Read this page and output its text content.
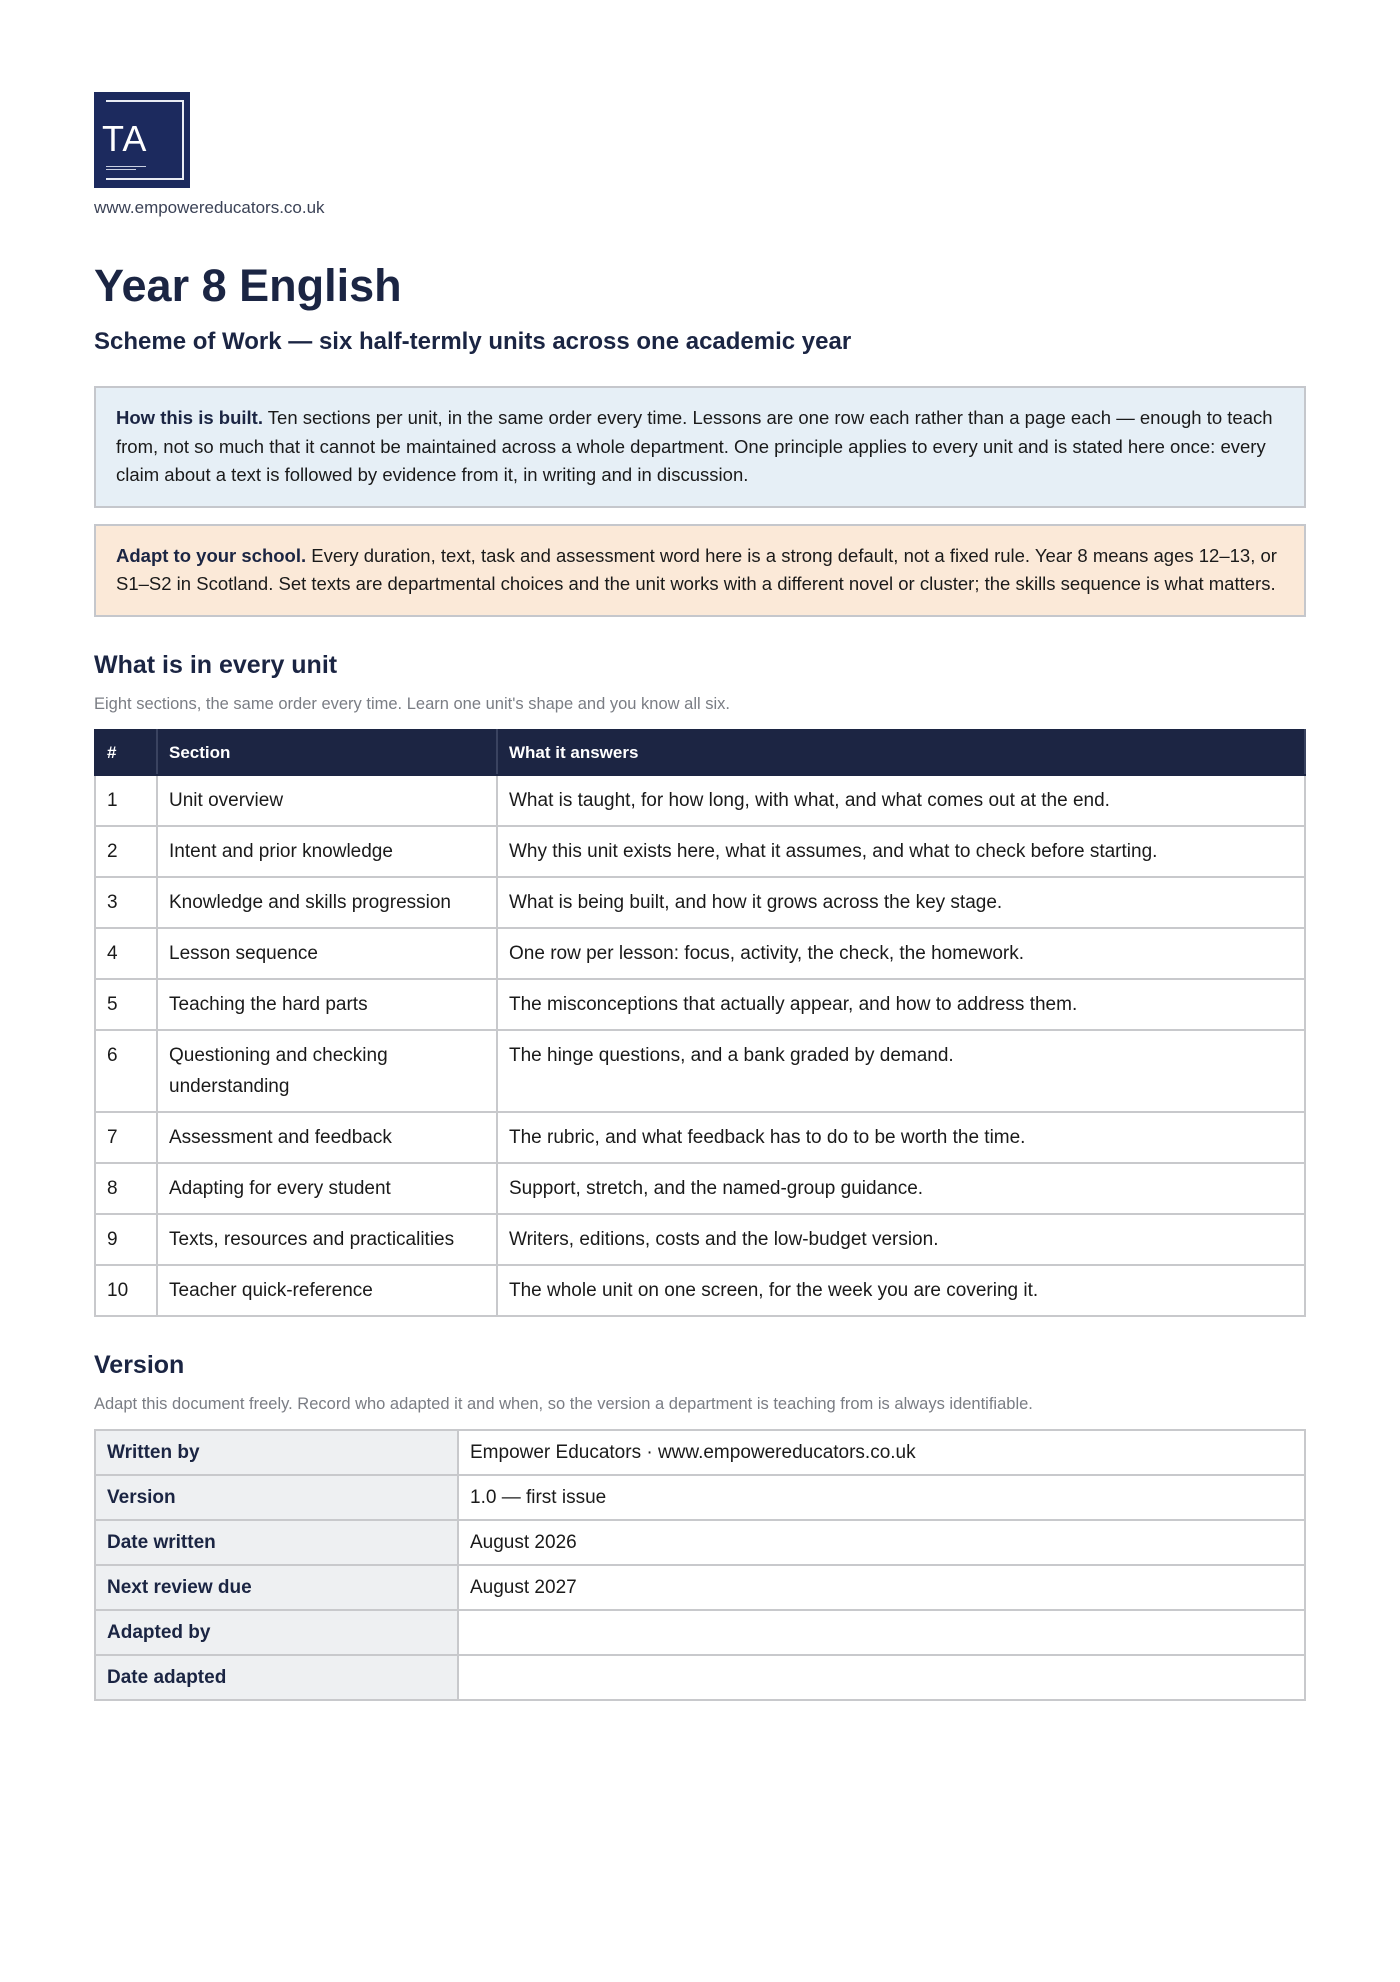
TA
www.empowereducators.co.uk
Year 8 English
Scheme of Work — six half-termly units across one academic year
How this is built. Ten sections per unit, in the same order every time. Lessons are one row each rather than a page each — enough to teach from, not so much that it cannot be maintained across a whole department. One principle applies to every unit and is stated here once: every claim about a text is followed by evidence from it, in writing and in discussion.
Adapt to your school. Every duration, text, task and assessment word here is a strong default, not a fixed rule. Year 8 means ages 12–13, or S1–S2 in Scotland. Set texts are departmental choices and the unit works with a different novel or cluster; the skills sequence is what matters.
What is in every unit
Eight sections, the same order every time. Learn one unit's shape and you know all six.
#	Section	What it answers
1	Unit overview	What is taught, for how long, with what, and what comes out at the end.
2	Intent and prior knowledge	Why this unit exists here, what it assumes, and what to check before starting.
3	Knowledge and skills progression	What is being built, and how it grows across the key stage.
4	Lesson sequence	One row per lesson: focus, activity, the check, the homework.
5	Teaching the hard parts	The misconceptions that actually appear, and how to address them.
6	Questioning and checking understanding	The hinge questions, and a bank graded by demand.
7	Assessment and feedback	The rubric, and what feedback has to do to be worth the time.
8	Adapting for every student	Support, stretch, and the named-group guidance.
9	Texts, resources and practicalities	Writers, editions, costs and the low-budget version.
10	Teacher quick-reference	The whole unit on one screen, for the week you are covering it.
Version
Adapt this document freely. Record who adapted it and when, so the version a department is teaching from is always identifiable.
Written by	Empower Educators · www.empowereducators.co.uk
Version	1.0 — first issue
Date written	August 2026
Next review due	August 2027
Adapted by	
Date adapted	
